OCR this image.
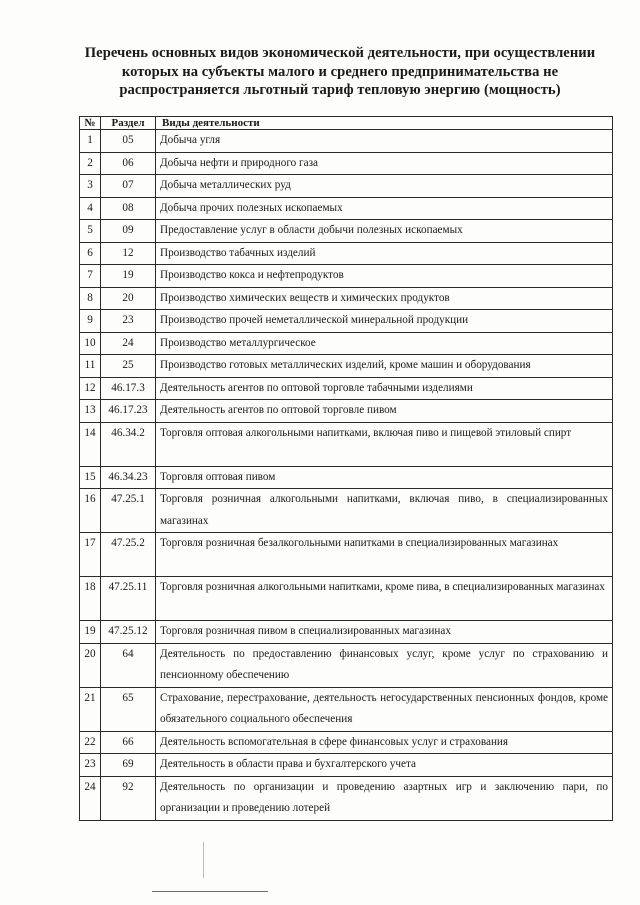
Перечень основных видов экономической деятельности, при осуществлении
которых на субъекты малого и среднего предпринимательства не
распространяется льготный тариф тепловую энергию (мощность)
№	Раздел	Виды деятельности
1	05	Добыча угля
2	06	Добыча нефти и природного газа
3	07	Добыча металлических руд
4	08	Добыча прочих полезных ископаемых
5	09	Предоставление услуг в области добычи полезных ископаемых
6	12	Производство табачных изделий
7	19	Производство кокса и нефтепродуктов
8	20	Производство химических веществ и химических продуктов
9	23	Производство прочей неметаллической минеральной продукции
10	24	Производство металлургическое
11	25	Производство готовых металлических изделий, кроме машин и оборудования
12	46.17.3	Деятельность агентов по оптовой торговле табачными изделиями
13	46.17.23	Деятельность агентов по оптовой торговле пивом
14	46.34.2	Торговля оптовая алкогольными напитками, включая пиво и пищевой этиловый спирт
15	46.34.23	Торговля оптовая пивом
16	47.25.1	Торговля розничная алкогольными напитками, включая пиво, в специализированных магазинах
17	47.25.2	Торговля розничная безалкогольными напитками в специализированных магазинах
18	47.25.11	Торговля розничная алкогольными напитками, кроме пива, в специализированных магазинах
19	47.25.12	Торговля розничная пивом в специализированных магазинах
20	64	Деятельность по предоставлению финансовых услуг, кроме услуг по страхованию и пенсионному обеспечению
21	65	Страхование, перестрахование, деятельность негосударственных пенсионных фондов, кроме обязательного социального обеспечения
22	66	Деятельность вспомогательная в сфере финансовых услуг и страхования
23	69	Деятельность в области права и бухгалтерского учета
24	92	Деятельность по организации и проведению азартных игр и заключению пари, по организации и проведению лотерей
